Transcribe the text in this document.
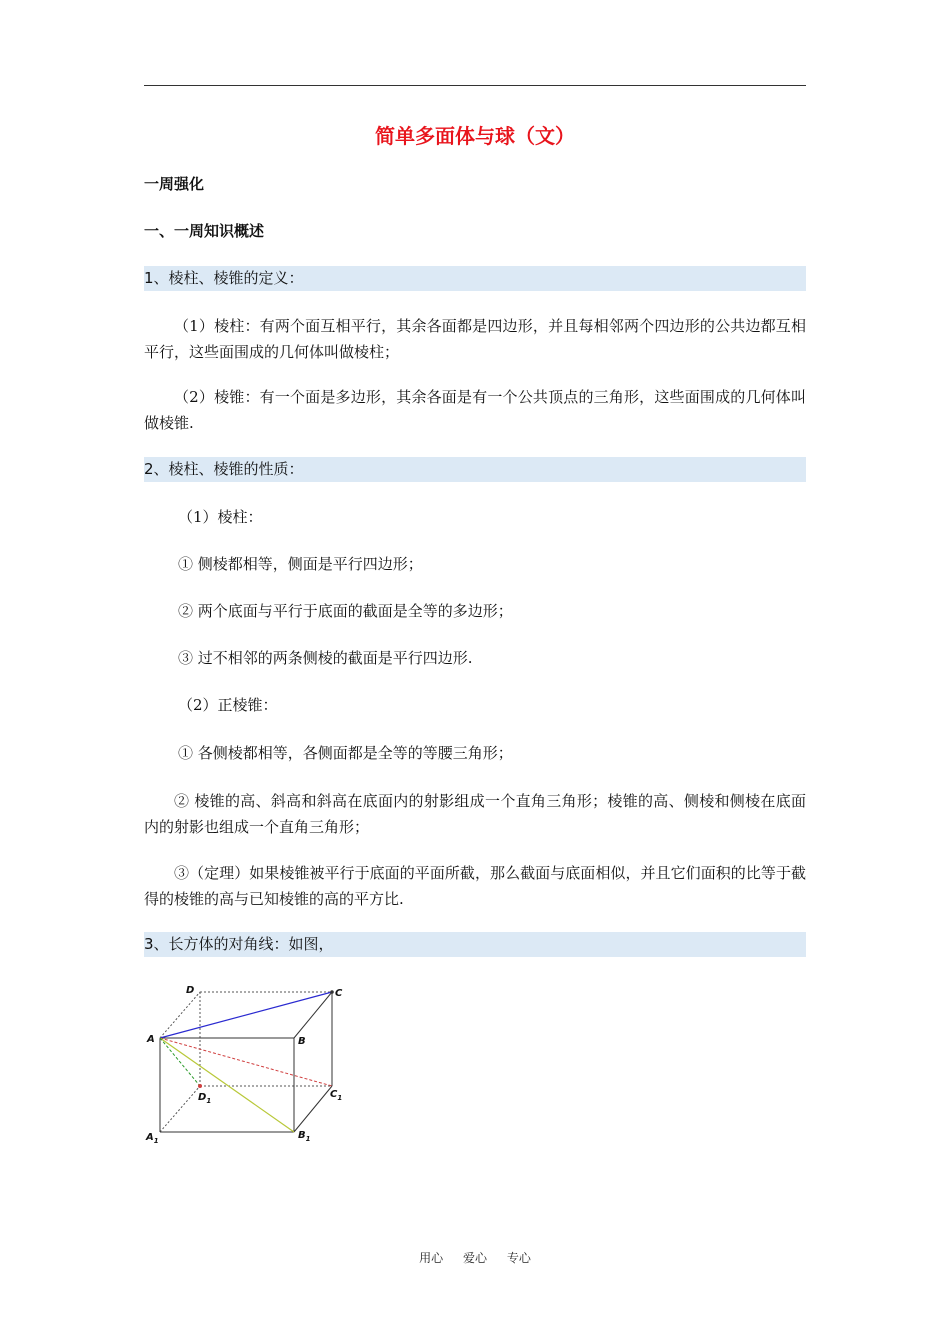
简单多面体与球（文）
一周强化
一、一周知识概述
1、棱柱、棱锥的定义：

（1）棱柱：有两个面互相平行，其余各面都是四边形，并且每相邻两个四边形的公共边都互相平行，这些面围成的几何体叫做棱柱；

（2）棱锥：有一个面是多边形，其余各面是有一个公共顶点的三角形，这些面围成的几何体叫做棱锥.

2、棱柱、棱锥的性质：
（1）棱柱：
① 侧棱都相等，侧面是平行四边形；
② 两个底面与平行于底面的截面是全等的多边形；
③ 过不相邻的两条侧棱的截面是平行四边形.
（2）正棱锥：
① 各侧棱都相等，各侧面都是全等的等腰三角形；

② 棱锥的高、斜高和斜高在底面内的射影组成一个直角三角形；棱锥的高、侧棱和侧棱在底面内的射影也组成一个直角三角形；

③（定理）如果棱锥被平行于底面的平面所截，那么截面与底面相似，并且它们面积的比等于截得的棱锥的高与已知棱锥的高的平方比.

3、长方体的对角线：如图，
D	C
A	B
$D_1$
$C_1$
$A_1$	$B_1$
用心 爱心 专心
